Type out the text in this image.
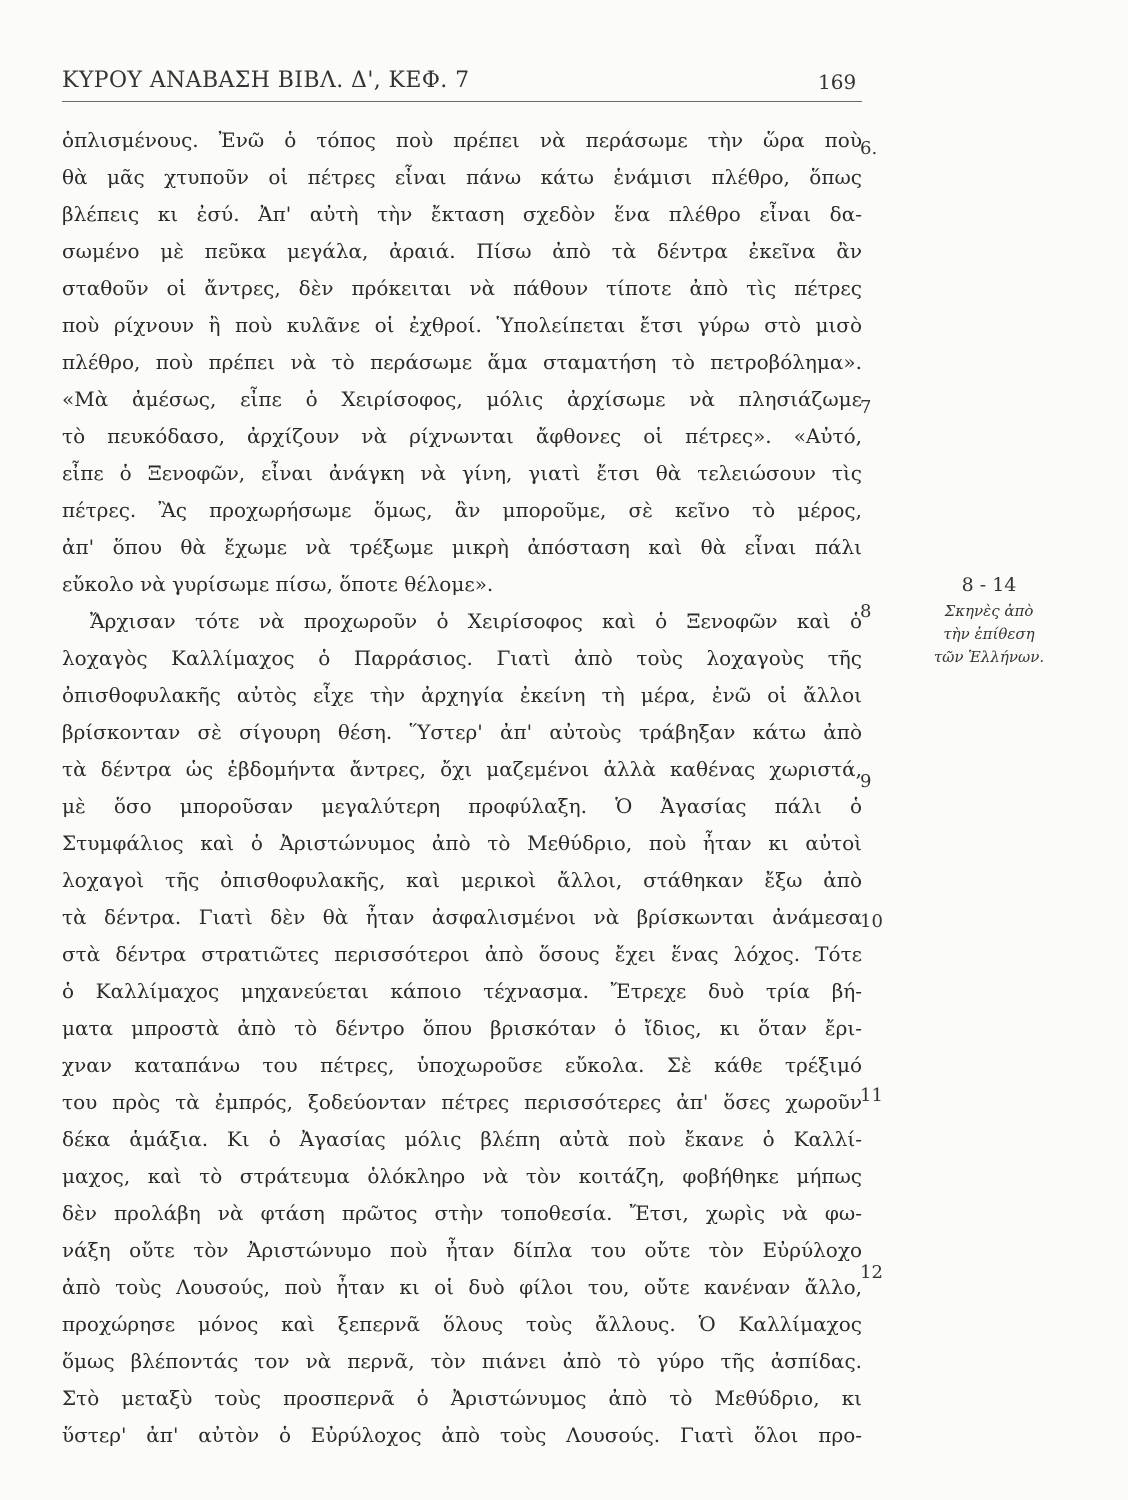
ΚΥΡΟΥ ΑΝΑΒΑΣΗ ΒΙΒΛ. Δ', ΚΕΦ. 7	169
ὁπλισμένους. Ἐνῶ ὁ τόπος ποὺ πρέπει νὰ περάσωμε τὴν ὥρα ποὺ
θὰ μᾶς χτυποῦν οἱ πέτρες εἶναι πάνω κάτω ἑνάμισι πλέθρο, ὅπως
βλέπεις κι ἐσύ. Ἀπ' αὐτὴ τὴν ἔκταση σχεδὸν ἕνα πλέθρο εἶναι δα-
σωμένο μὲ πεῦκα μεγάλα, ἀραιά. Πίσω ἀπὸ τὰ δέντρα ἐκεῖνα ἂν
σταθοῦν οἱ ἄντρες, δὲν πρόκειται νὰ πάθουν τίποτε ἀπὸ τὶς πέτρες
ποὺ ρίχνουν ἢ ποὺ κυλᾶνε οἱ ἐχθροί. Ὑπολείπεται ἔτσι γύρω στὸ μισὸ
πλέθρο, ποὺ πρέπει νὰ τὸ περάσωμε ἅμα σταματήση τὸ πετροβόλημα».
«Μὰ ἀμέσως, εἶπε ὁ Χειρίσοφος, μόλις ἀρχίσωμε νὰ πλησιάζωμε
τὸ πευκόδασο, ἀρχίζουν νὰ ρίχνωνται ἄφθονες οἱ πέτρες». «Αὐτό,
εἶπε ὁ Ξενοφῶν, εἶναι ἀνάγκη νὰ γίνη, γιατὶ ἔτσι θὰ τελειώσουν τὶς
πέτρες. Ἂς προχωρήσωμε ὅμως, ἂν μποροῦμε, σὲ κεῖνο τὸ μέρος,
ἀπ' ὅπου θὰ ἔχωμε νὰ τρέξωμε μικρὴ ἀπόσταση καὶ θὰ εἶναι πάλι
εὔκολο νὰ γυρίσωμε πίσω, ὅποτε θέλομε».
Ἄρχισαν τότε νὰ προχωροῦν ὁ Χειρίσοφος καὶ ὁ Ξενοφῶν καὶ ὁ
λοχαγὸς Καλλίμαχος ὁ Παρράσιος. Γιατὶ ἀπὸ τοὺς λοχαγοὺς τῆς
ὀπισθοφυλακῆς αὐτὸς εἶχε τὴν ἀρχηγία ἐκείνη τὴ μέρα, ἐνῶ οἱ ἄλλοι
βρίσκονταν σὲ σίγουρη θέση. Ὕστερ' ἀπ' αὐτοὺς τράβηξαν κάτω ἀπὸ
τὰ δέντρα ὡς ἑβδομήντα ἄντρες, ὄχι μαζεμένοι ἀλλὰ καθένας χωριστά,
μὲ ὅσο μποροῦσαν μεγαλύτερη προφύλαξη. Ὁ Ἀγασίας πάλι ὁ
Στυμφάλιος καὶ ὁ Ἀριστώνυμος ἀπὸ τὸ Μεθύδριο, ποὺ ἦταν κι αὐτοὶ
λοχαγοὶ τῆς ὀπισθοφυλακῆς, καὶ μερικοὶ ἄλλοι, στάθηκαν ἔξω ἀπὸ
τὰ δέντρα. Γιατὶ δὲν θὰ ἦταν ἀσφαλισμένοι νὰ βρίσκωνται ἀνάμεσα
στὰ δέντρα στρατιῶτες περισσότεροι ἀπὸ ὅσους ἔχει ἕνας λόχος. Τότε
ὁ Καλλίμαχος μηχανεύεται κάποιο τέχνασμα. Ἔτρεχε δυὸ τρία βή-
ματα μπροστὰ ἀπὸ τὸ δέντρο ὅπου βρισκόταν ὁ ἴδιος, κι ὅταν ἔρι-
χναν καταπάνω του πέτρες, ὑποχωροῦσε εὔκολα. Σὲ κάθε τρέξιμό
του πρὸς τὰ ἐμπρός, ξοδεύονταν πέτρες περισσότερες ἀπ' ὅσες χωροῦν
δέκα ἁμάξια. Κι ὁ Ἀγασίας μόλις βλέπη αὐτὰ ποὺ ἔκανε ὁ Καλλί-
μαχος, καὶ τὸ στράτευμα ὁλόκληρο νὰ τὸν κοιτάζη, φοβήθηκε μήπως
δὲν προλάβη νὰ φτάση πρῶτος στὴν τοποθεσία. Ἔτσι, χωρὶς νὰ φω-
νάξη οὔτε τὸν Ἀριστώνυμο ποὺ ἦταν δίπλα του οὔτε τὸν Εὐρύλοχο
ἀπὸ τοὺς Λουσούς, ποὺ ἦταν κι οἱ δυὸ φίλοι του, οὔτε κανέναν ἄλλο,
προχώρησε μόνος καὶ ξεπερνᾶ ὅλους τοὺς ἄλλους. Ὁ Καλλίμαχος
ὅμως βλέποντάς τον νὰ περνᾶ, τὸν πιάνει ἀπὸ τὸ γύρο τῆς ἀσπίδας.
Στὸ μεταξὺ τοὺς προσπερνᾶ ὁ Ἀριστώνυμος ἀπὸ τὸ Μεθύδριο, κι
ὕστερ' ἀπ' αὐτὸν ὁ Εὐρύλοχος ἀπὸ τοὺς Λουσούς. Γιατὶ ὅλοι προ-
6.
7
8
9
10
11
12
8 - 14
Σκηνὲς ἀπὸ
τὴν ἐπίθεση
τῶν Ἑλλήνων.
